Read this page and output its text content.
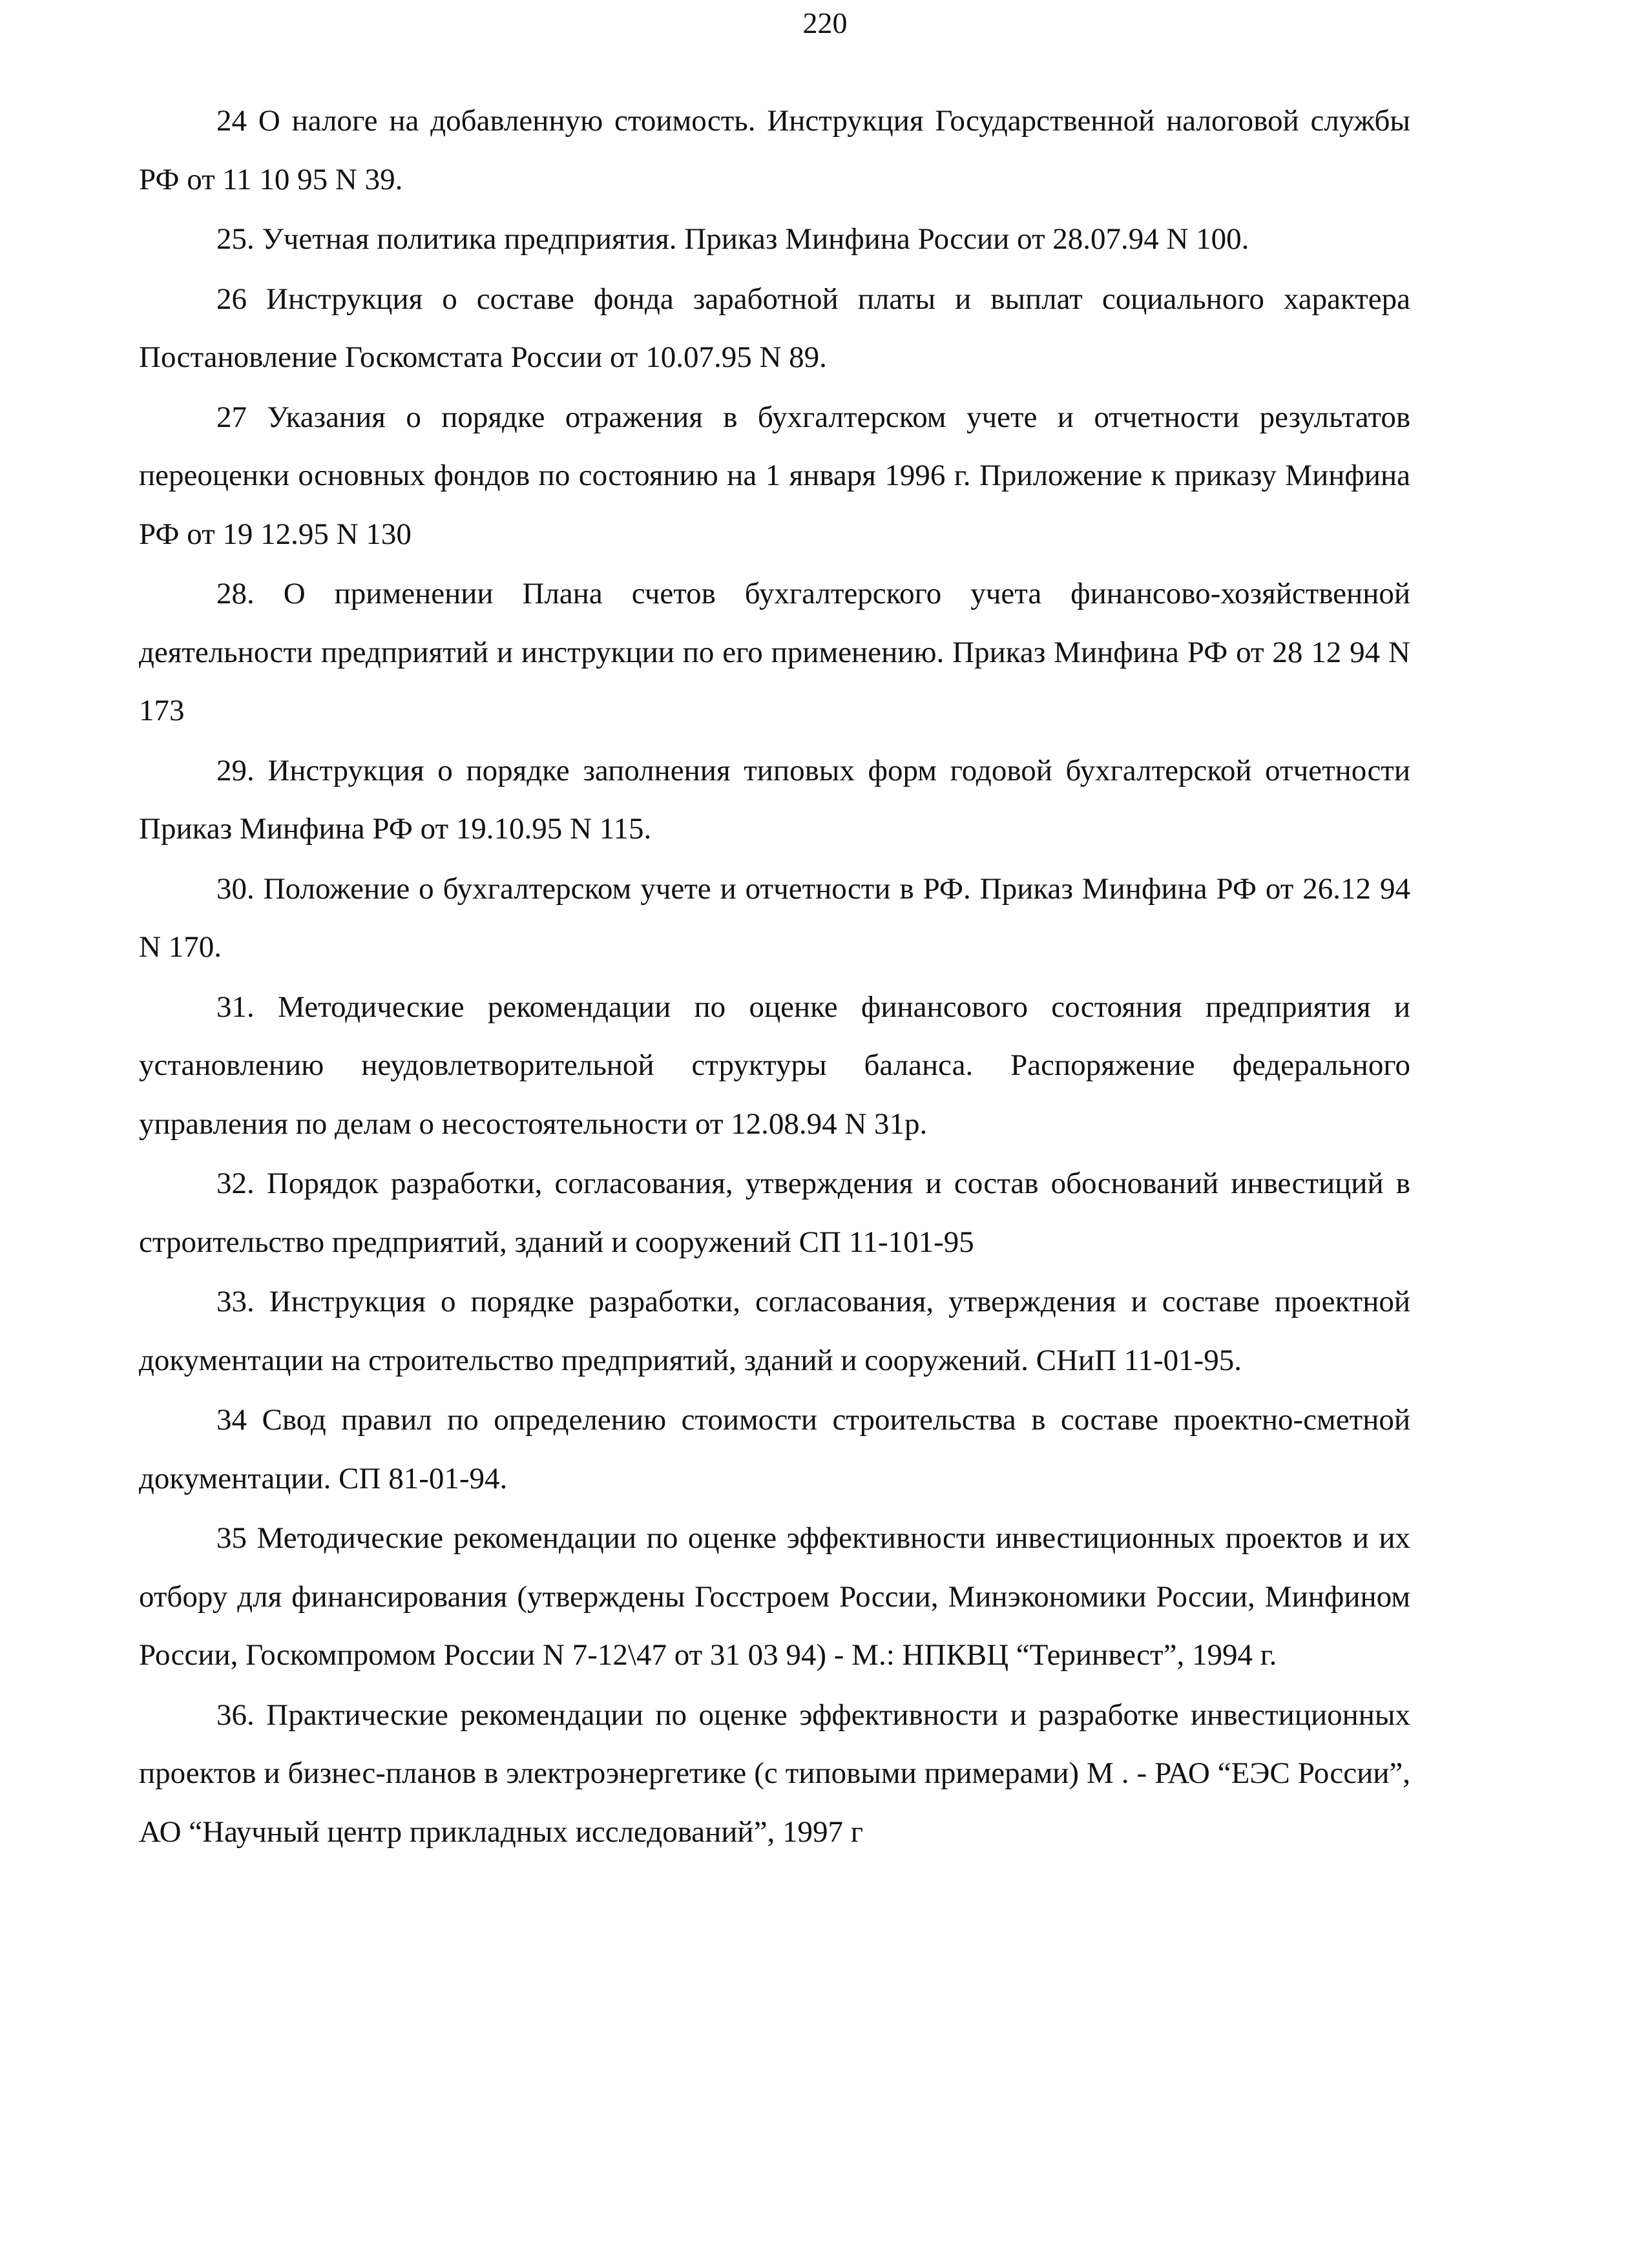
220

24 О налоге на добавленную стоимость. Инструкция Государственной налоговой службы РФ от 11 10 95 N 39.

25. Учетная политика предприятия. Приказ Минфина России от 28.07.94 N 100.

26 Инструкция о составе фонда заработной платы и выплат социального характера Постановление Госкомстата России от 10.07.95 N 89.

27 Указания о порядке отражения в бухгалтерском учете и отчетности результатов переоценки основных фондов по состоянию на 1 января 1996 г. Приложение к приказу Минфина РФ от 19 12.95 N 130

28. О применении Плана счетов бухгалтерского учета финансово-хозяйственной деятельности предприятий и инструкции по его применению. Приказ Минфина РФ от 28 12 94 N 173

29. Инструкция о порядке заполнения типовых форм годовой бухгалтерской отчетности Приказ Минфина РФ от 19.10.95 N 115.

30. Положение о бухгалтерском учете и отчетности в РФ. Приказ Минфина РФ от 26.12 94 N 170.

31. Методические рекомендации по оценке финансового состояния предприятия и установлению неудовлетворительной структуры баланса. Распоряжение федерального управления по делам о несостоятельности от 12.08.94 N 31р.

32. Порядок разработки, согласования, утверждения и состав обоснований инвестиций в строительство предприятий, зданий и сооружений СП 11-101-95

33. Инструкция о порядке разработки, согласования, утверждения и составе проектной документации на строительство предприятий, зданий и сооружений. СНиП 11-01-95.

34 Свод правил по определению стоимости строительства в составе проектно-сметной документации. СП 81-01-94.

35 Методические рекомендации по оценке эффективности инвестиционных проектов и их отбору для финансирования (утверждены Госстроем России, Минэкономики России, Минфином России, Госкомпромом России N 7-12\47 от 31 03 94) - М.: НПКВЦ “Теринвест”, 1994 г.

36. Практические рекомендации по оценке эффективности и разработке инвестиционных проектов и бизнес-планов в электроэнергетике (с типовыми примерами) М . - РАО “ЕЭС России”, АО “Научный центр прикладных исследований”, 1997 г
